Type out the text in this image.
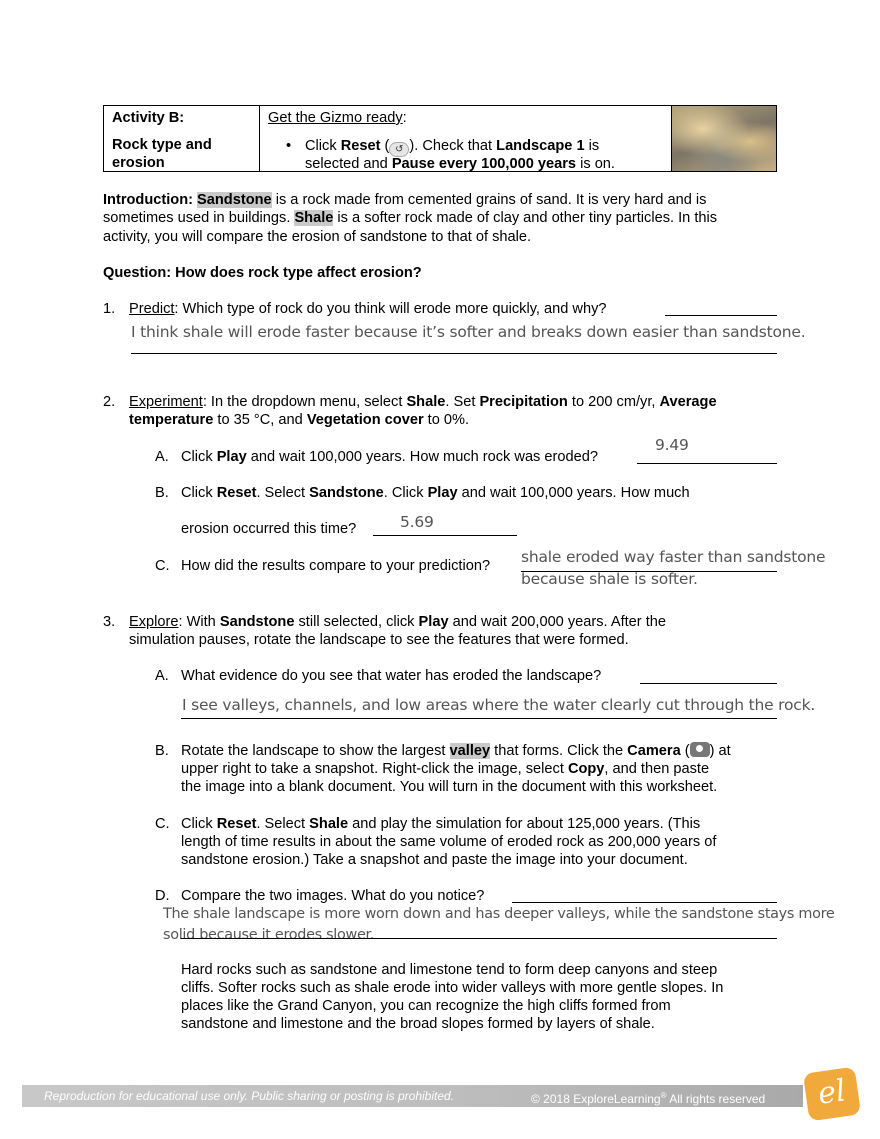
Activity B:
Rock type and erosion
Get the Gizmo ready:
• Click Reset ( ↺ ). Check that Landscape 1 is
selected and Pause every 100,000 years is on.
Introduction: Sandstone is a rock made from cemented grains of sand. It is very hard and is
sometimes used in buildings. Shale is a softer rock made of clay and other tiny particles. In this
activity, you will compare the erosion of sandstone to that of shale.
Question: How does rock type affect erosion?
1. Predict: Which type of rock do you think will erode more quickly, and why?
I think shale will erode faster because it’s softer and breaks down easier than sandstone.
2. Experiment: In the dropdown menu, select Shale. Set Precipitation to 200 cm/yr, Average
temperature to 35 °C, and Vegetation cover to 0%.
A. Click Play and wait 100,000 years. How much rock was eroded?
9.49
B. Click Reset. Select Sandstone. Click Play and wait 100,000 years. How much
erosion occurred this time?	5.69
C. How did the results compare to your prediction? shale eroded way faster than sandstone
because shale is softer.
3. Explore: With Sandstone still selected, click Play and wait 200,000 years. After the
simulation pauses, rotate the landscape to see the features that were formed.
A. What evidence do you see that water has eroded the landscape?
I see valleys, channels, and low areas where the water clearly cut through the rock.
B. Rotate the landscape to show the largest valley that forms. Click the Camera ( ) at
upper right to take a snapshot. Right-click the image, select Copy, and then paste
the image into a blank document. You will turn in the document with this worksheet.
C. Click Reset. Select Shale and play the simulation for about 125,000 years. (This
length of time results in about the same volume of eroded rock as 200,000 years of
sandstone erosion.) Take a snapshot and paste the image into your document.
D. Compare the two images. What do you notice?
The shale landscape is more worn down and has deeper valleys, while the sandstone stays more
solid because it erodes slower.
Hard rocks such as sandstone and limestone tend to form deep canyons and steep
cliffs. Softer rocks such as shale erode into wider valleys with more gentle slopes. In
places like the Grand Canyon, you can recognize the high cliffs formed from
sandstone and limestone and the broad slopes formed by layers of shale.
Reproduction for educational use only. Public sharing or posting is prohibited.	© 2018 ExploreLearning® All rights reserved	el
